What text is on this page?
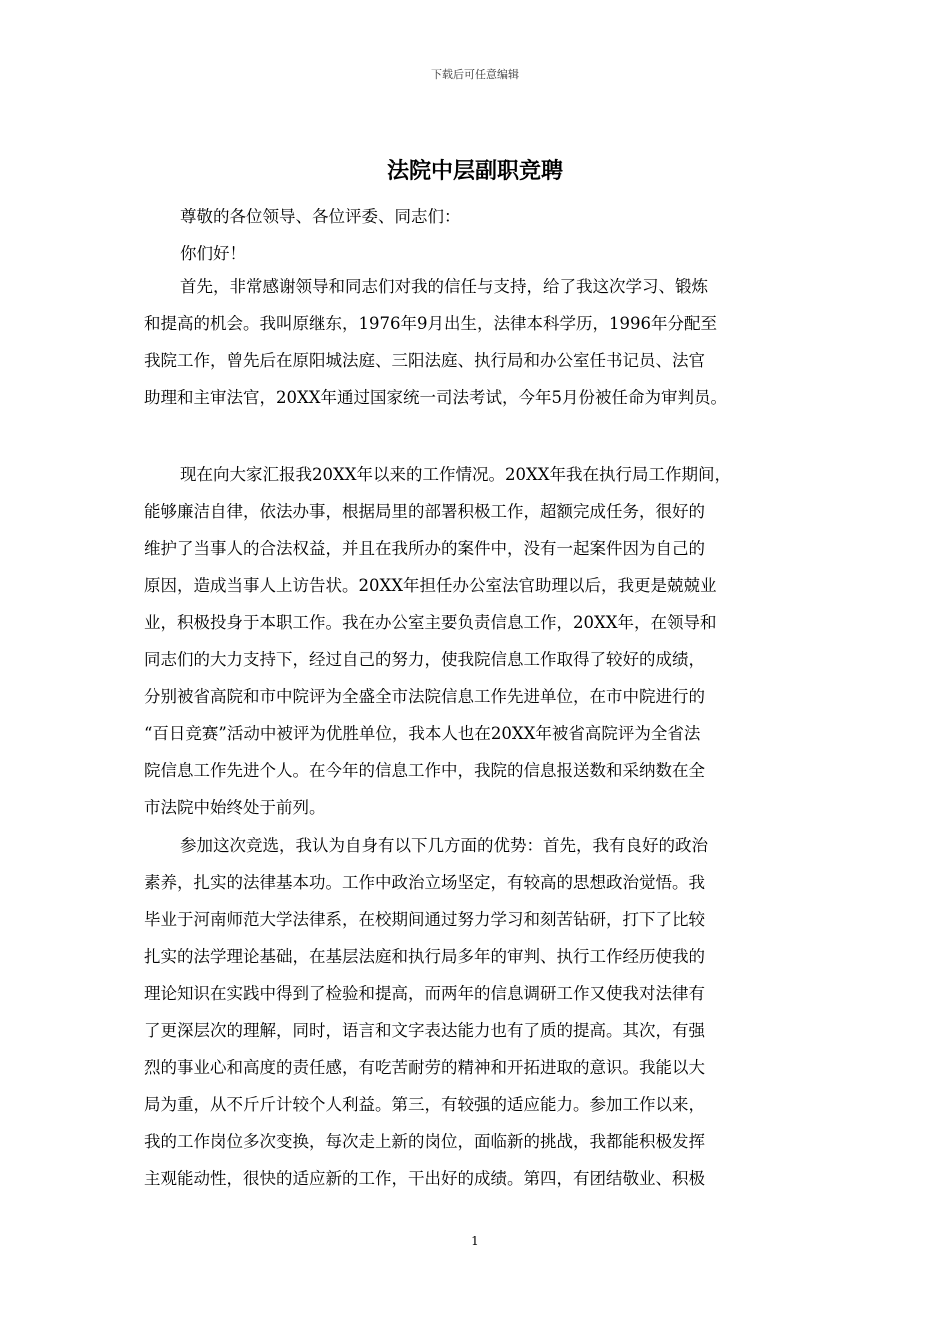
下载后可任意编辑
法院中层副职竞聘
尊敬的各位领导、各位评委、同志们：
你们好！
首先，非常感谢领导和同志们对我的信任与支持，给了我这次学习、锻炼
和提高的机会。我叫原继东，1976年9月出生，法律本科学历，1996年分配至
我院工作，曾先后在原阳城法庭、三阳法庭、执行局和办公室任书记员、法官
助理和主审法官，20XX年通过国家统一司法考试，今年5月份被任命为审判员。
现在向大家汇报我20XX年以来的工作情况。20XX年我在执行局工作期间，
能够廉洁自律，依法办事，根据局里的部署积极工作，超额完成任务，很好的
维护了当事人的合法权益，并且在我所办的案件中，没有一起案件因为自己的
原因，造成当事人上访告状。20XX年担任办公室法官助理以后，我更是兢兢业
业，积极投身于本职工作。我在办公室主要负责信息工作，20XX年，在领导和
同志们的大力支持下，经过自己的努力，使我院信息工作取得了较好的成绩，
分别被省高院和市中院评为全盛全市法院信息工作先进单位，在市中院进行的
“百日竞赛”活动中被评为优胜单位，我本人也在20XX年被省高院评为全省法
院信息工作先进个人。在今年的信息工作中，我院的信息报送数和采纳数在全
市法院中始终处于前列。
参加这次竞选，我认为自身有以下几方面的优势：首先，我有良好的政治
素养，扎实的法律基本功。工作中政治立场坚定，有较高的思想政治觉悟。我
毕业于河南师范大学法律系，在校期间通过努力学习和刻苦钻研，打下了比较
扎实的法学理论基础，在基层法庭和执行局多年的审判、执行工作经历使我的
理论知识在实践中得到了检验和提高，而两年的信息调研工作又使我对法律有
了更深层次的理解，同时，语言和文字表达能力也有了质的提高。其次，有强
烈的事业心和高度的责任感，有吃苦耐劳的精神和开拓进取的意识。我能以大
局为重，从不斤斤计较个人利益。第三，有较强的适应能力。参加工作以来，
我的工作岗位多次变换，每次走上新的岗位，面临新的挑战，我都能积极发挥
主观能动性，很快的适应新的工作，干出好的成绩。第四，有团结敬业、积极
1
